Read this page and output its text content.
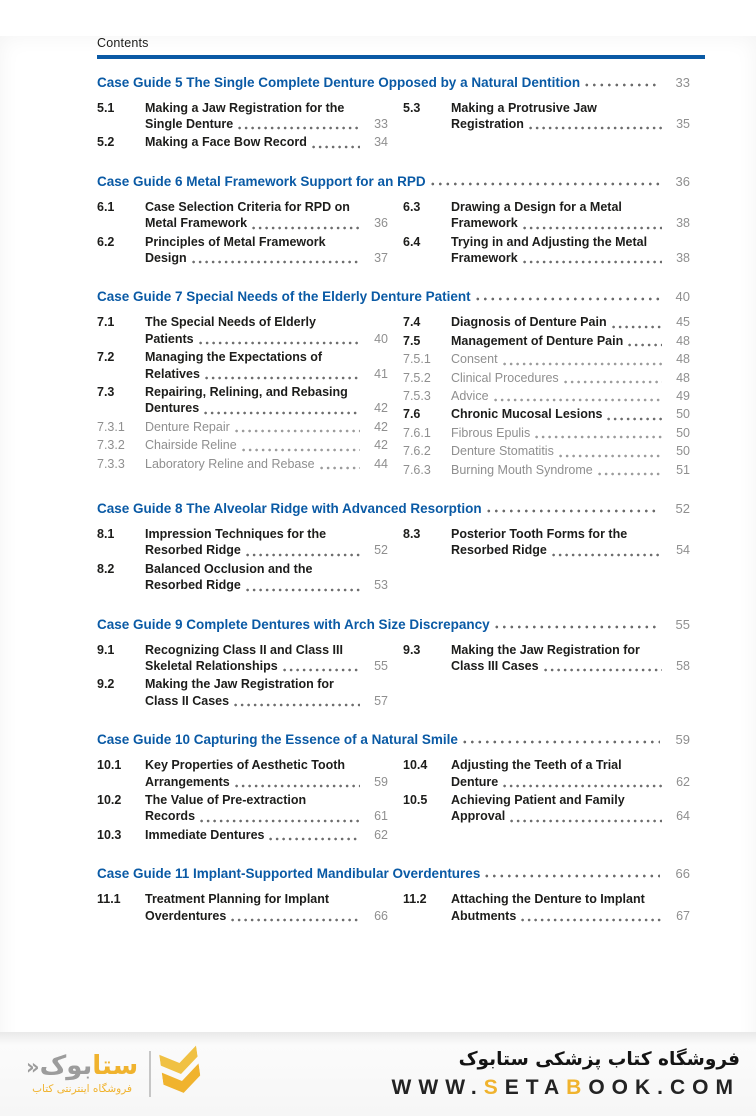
Contents
Case Guide 5 The Single Complete Denture Opposed by a Natural Dentition	33
5.1	Making a Jaw Registration for the
Single Denture	33
5.2	Making a Face Bow Record	34
5.3	Making a Protrusive Jaw
Registration	35
Case Guide 6 Metal Framework Support for an RPD	36
6.1	Case Selection Criteria for RPD on
Metal Framework	36
6.2	Principles of Metal Framework
Design	37
6.3	Drawing a Design for a Metal
Framework	38
6.4	Trying in and Adjusting the Metal
Framework	38
Case Guide 7 Special Needs of the Elderly Denture Patient	40
7.1	The Special Needs of Elderly
Patients	40
7.2	Managing the Expectations of
Relatives	41
7.3	Repairing, Relining, and Rebasing
Dentures	42
7.3.1	Denture Repair	42
7.3.2	Chairside Reline	42
7.3.3	Laboratory Reline and Rebase	44
7.4	Diagnosis of Denture Pain	45
7.5	Management of Denture Pain	48
7.5.1	Consent	48
7.5.2	Clinical Procedures	48
7.5.3	Advice	49
7.6	Chronic Mucosal Lesions	50
7.6.1	Fibrous Epulis	50
7.6.2	Denture Stomatitis	50
7.6.3	Burning Mouth Syndrome	51
Case Guide 8 The Alveolar Ridge with Advanced Resorption	52
8.1	Impression Techniques for the
Resorbed Ridge	52
8.2	Balanced Occlusion and the
Resorbed Ridge	53
8.3	Posterior Tooth Forms for the
Resorbed Ridge	54
Case Guide 9 Complete Dentures with Arch Size Discrepancy	55
9.1	Recognizing Class II and Class III
Skeletal Relationships	55
9.2	Making the Jaw Registration for
Class II Cases	57
9.3	Making the Jaw Registration for
Class III Cases	58
Case Guide 10 Capturing the Essence of a Natural Smile	59
10.1	Key Properties of Aesthetic Tooth
Arrangements	59
10.2	The Value of Pre-extraction
Records	61
10.3	Immediate Dentures	62
10.4	Adjusting the Teeth of a Trial
Denture	62
10.5	Achieving Patient and Family
Approval	64
Case Guide 11 Implant-Supported Mandibular Overdentures	66
11.1	Treatment Planning for Implant
Overdentures	66
11.2	Attaching the Denture to Implant
Abutments	67
ستابوک«
فروشگاه اینترنتی کتاب
فروشگاه کتاب پزشکی ستابوک
WWW.SETABOOK.COM
